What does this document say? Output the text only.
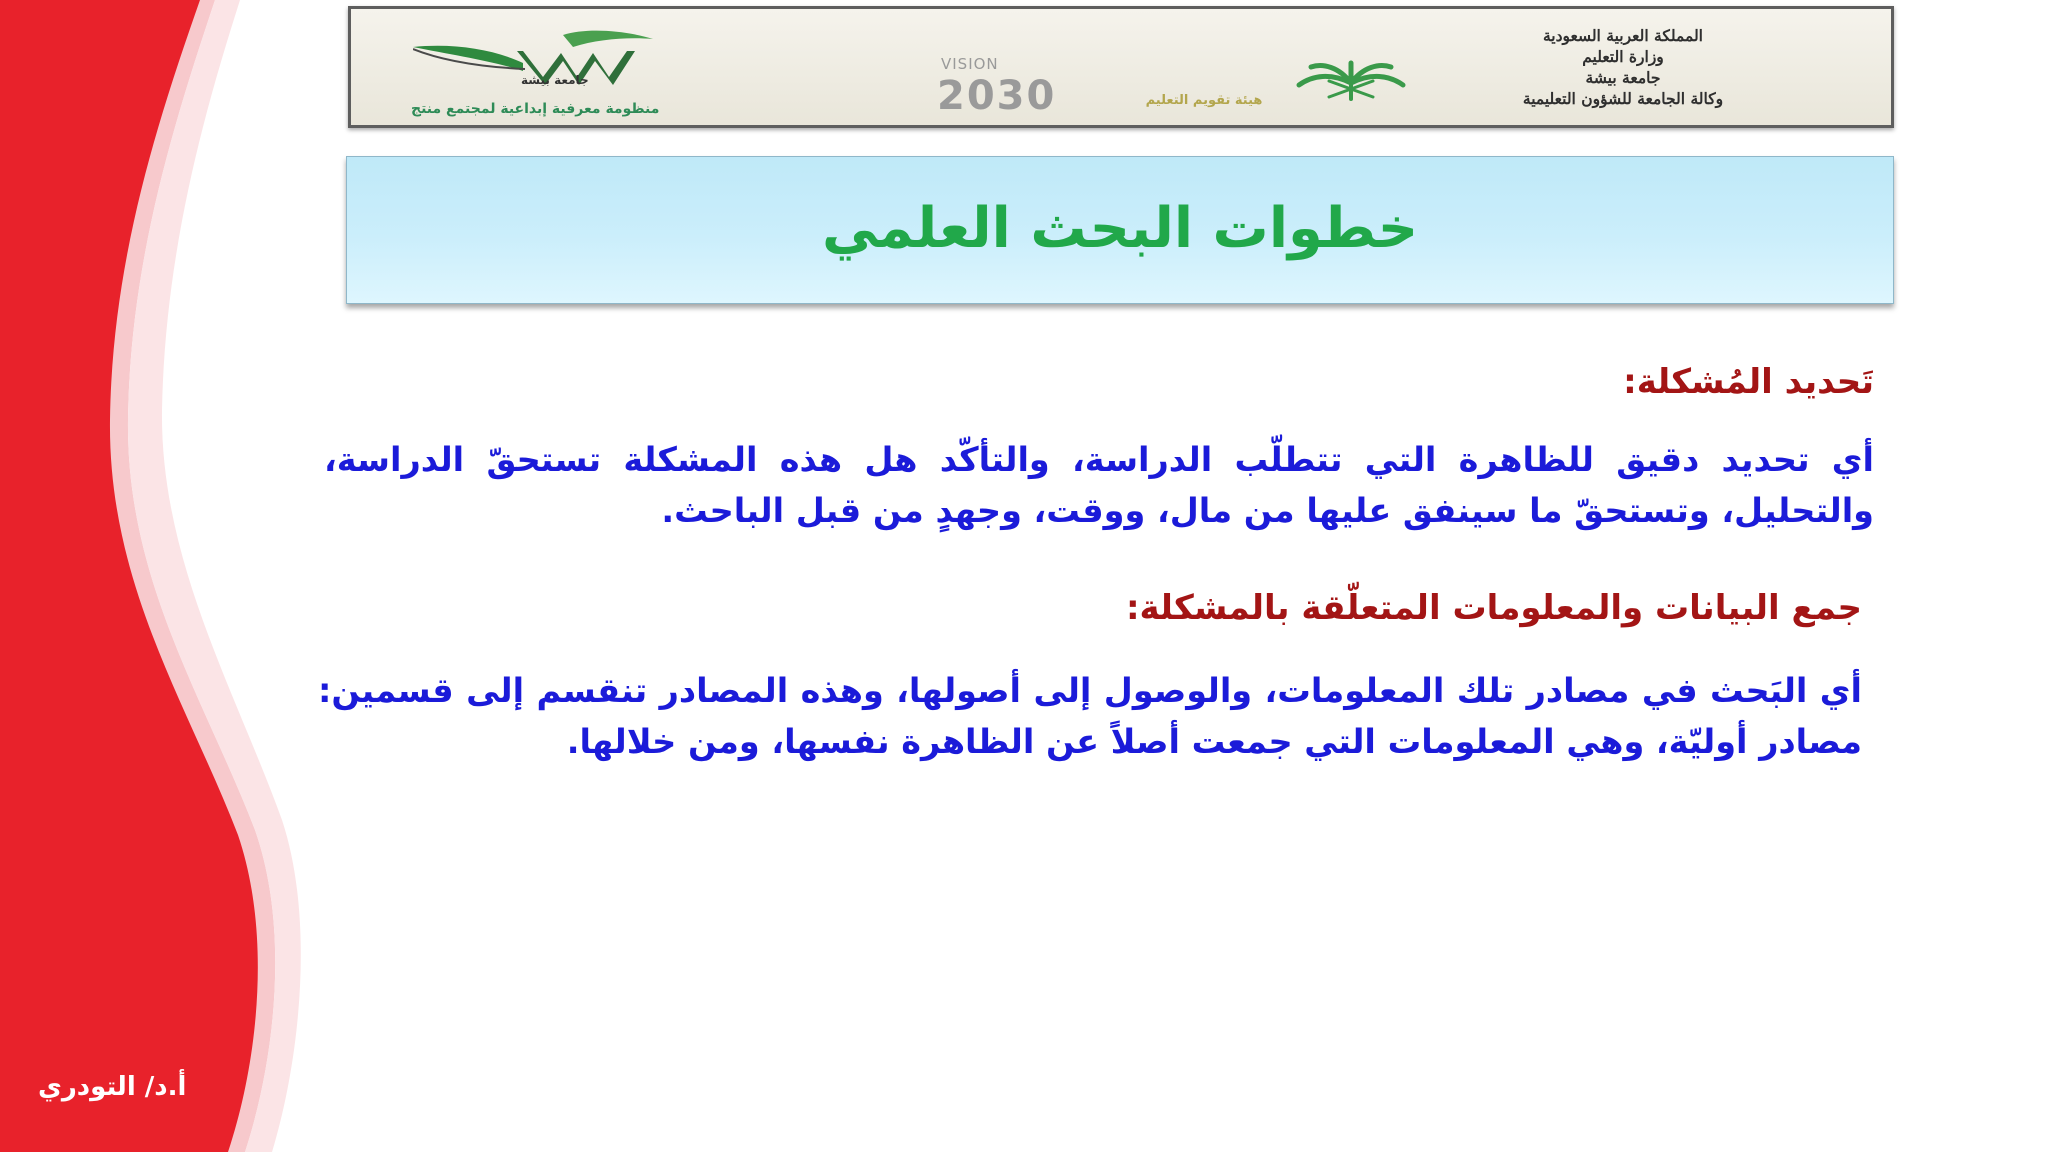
المملكة العربية السعودية
وزارة التعليم
جامعة بيشة
وكالة الجامعة للشؤون التعليمية
VISION
2030	هيئة تقويم التعليم
جامعة بيشة
منظومة معرفية إبداعية لمجتمع منتج
خطوات البحث العلمي
تَحديد المُشكلة:
أي تحديد دقيق للظاهرة التي تتطلّب الدراسة، والتأكّد هل هذه المشكلة تستحقّ الدراسة، والتحليل، وتستحقّ ما سينفق عليها من مال، ووقت، وجهدٍ من قبل الباحث.
جمع البيانات والمعلومات المتعلّقة بالمشكلة:
أي البَحث في مصادر تلك المعلومات، والوصول إلى أصولها، وهذه المصادر تنقسم إلى قسمين: مصادر أوليّة، وهي المعلومات التي جمعت أصلاً عن الظاهرة نفسها، ومن خلالها.
أ.د/ التودري
